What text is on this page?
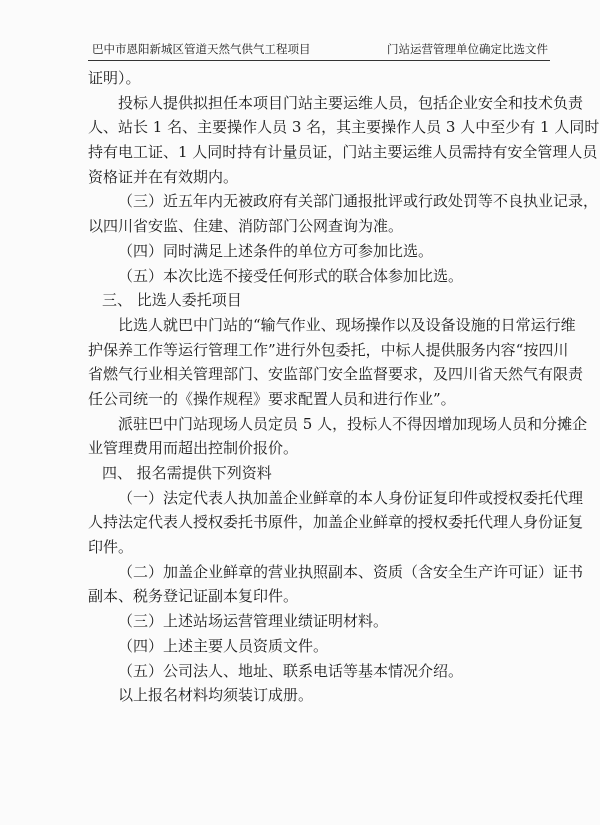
巴中市恩阳新城区管道天然气供气工程项目	门站运营管理单位确定比选文件
证明）。
投标人提供拟担任本项目门站主要运维人员，包括企业安全和技术负责
人、站长 1 名、主要操作人员 3 名，其主要操作人员 3 人中至少有 1 人同时
持有电工证、1 人同时持有计量员证，门站主要运维人员需持有安全管理人员
资格证并在有效期内。
（三）近五年内无被政府有关部门通报批评或行政处罚等不良执业记录，
以四川省安监、住建、消防部门公网查询为准。
（四）同时满足上述条件的单位方可参加比选。
（五）本次比选不接受任何形式的联合体参加比选。
三、 比选人委托项目
比选人就巴中门站的“输气作业、现场操作以及设备设施的日常运行维
护保养工作等运行管理工作”进行外包委托，中标人提供服务内容“按四川
省燃气行业相关管理部门、安监部门安全监督要求，及四川省天然气有限责
任公司统一的《操作规程》要求配置人员和进行作业”。
派驻巴中门站现场人员定员 5 人，投标人不得因增加现场人员和分摊企
业管理费用而超出控制价报价。
四、 报名需提供下列资料
（一）法定代表人执加盖企业鲜章的本人身份证复印件或授权委托代理
人持法定代表人授权委托书原件，加盖企业鲜章的授权委托代理人身份证复
印件。
（二）加盖企业鲜章的营业执照副本、资质（含安全生产许可证）证书
副本、税务登记证副本复印件。
（三）上述站场运营管理业绩证明材料。
（四）上述主要人员资质文件。
（五）公司法人、地址、联系电话等基本情况介绍。
以上报名材料均须装订成册。
